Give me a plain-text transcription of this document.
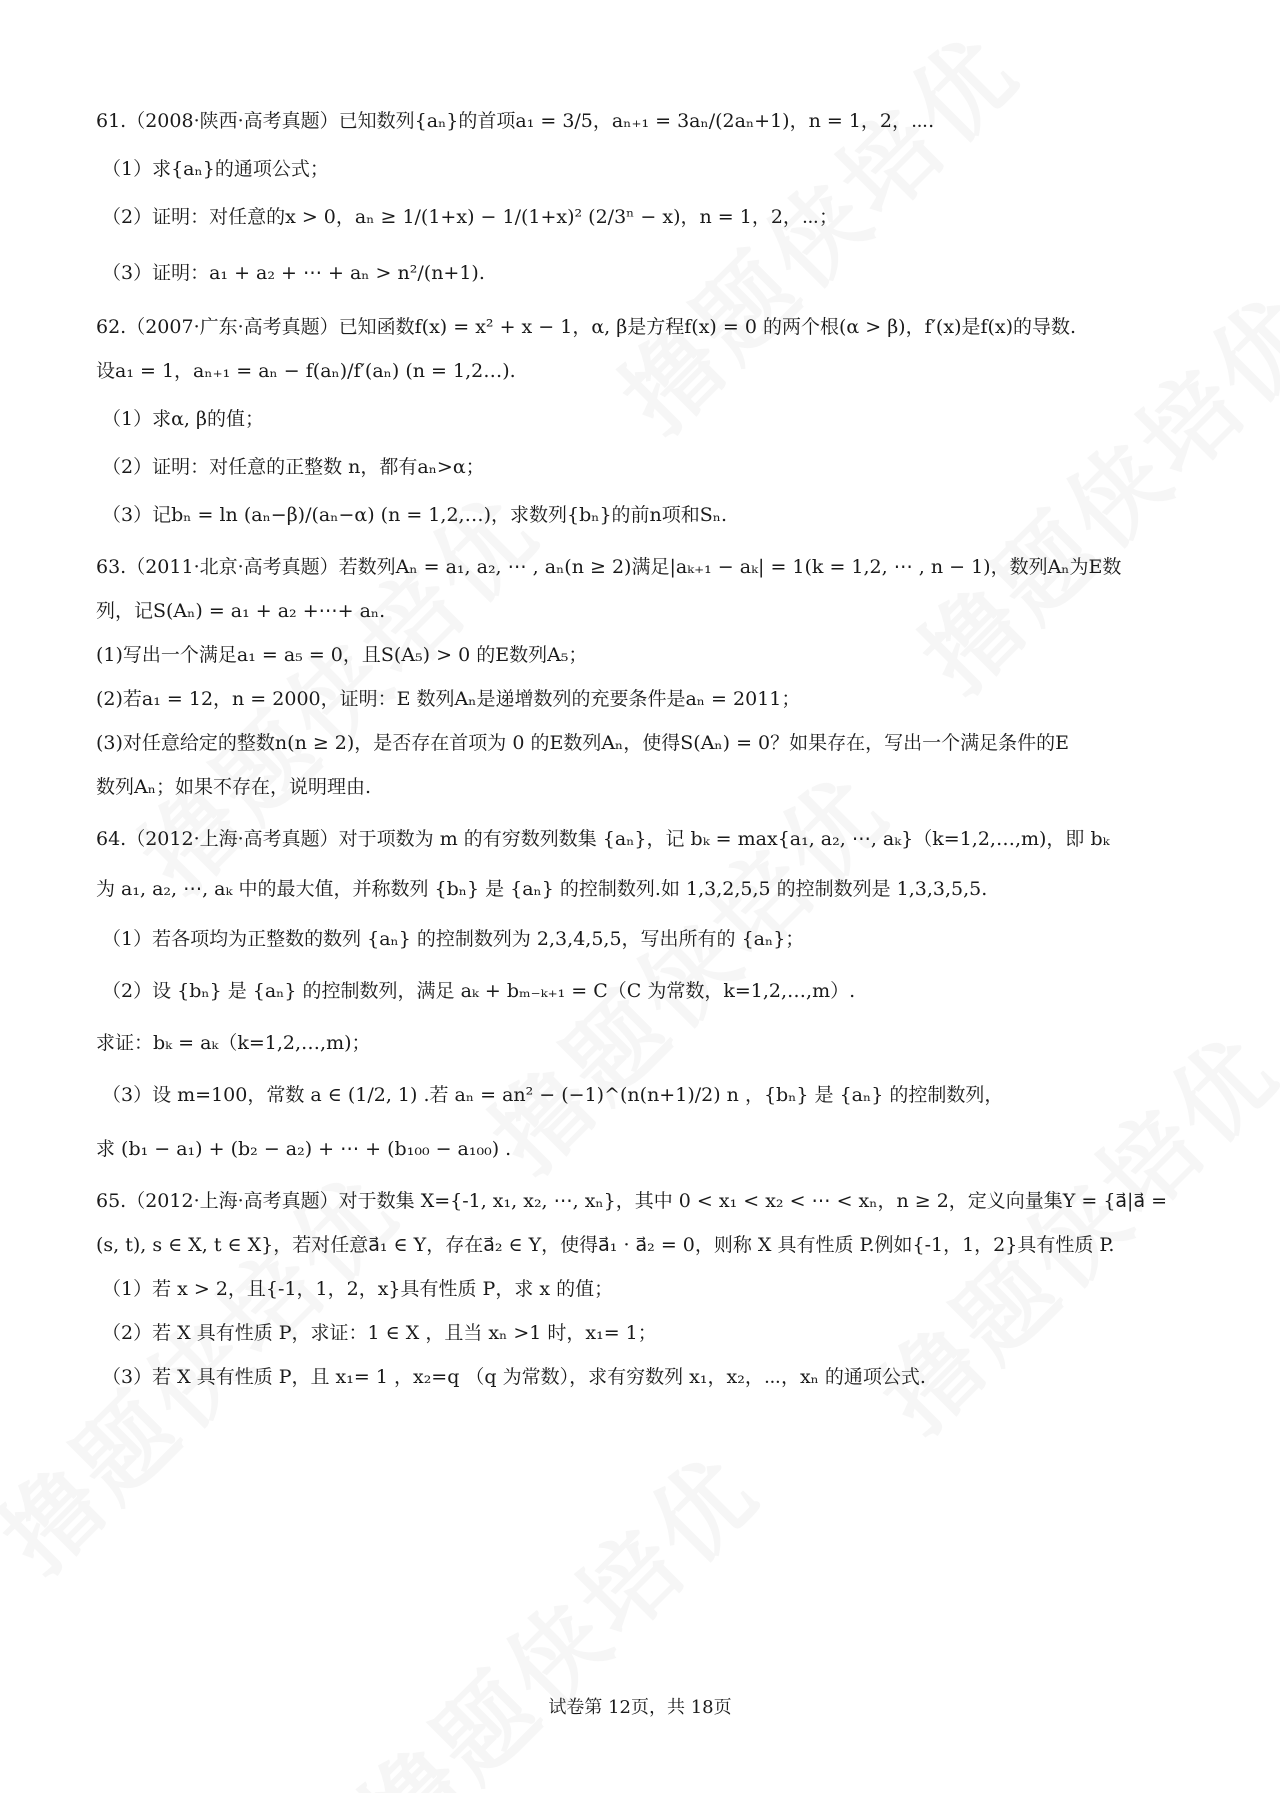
61.（2008·陕西·高考真题）已知数列{aₙ}的首项a₁ = 3/5，aₙ₊₁ = 3aₙ/(2aₙ+1)，n = 1，2，⋯.
（1）求{aₙ}的通项公式；
（2）证明：对任意的x > 0，aₙ ≥ 1/(1+x) − 1/(1+x)² (2/3ⁿ − x)，n = 1，2，⋯；
（3）证明：a₁ + a₂ + ⋯ + aₙ > n²/(n+1).
62.（2007·广东·高考真题）已知函数f(x) = x² + x − 1，α, β是方程f(x) = 0 的两个根(α > β)，f′(x)是f(x)的导数.
设a₁ = 1，aₙ₊₁ = aₙ − f(aₙ)/f′(aₙ) (n = 1,2…).
（1）求α, β的值；
（2）证明：对任意的正整数 n，都有aₙ>α；
（3）记bₙ = ln (aₙ−β)/(aₙ−α) (n = 1,2,…)，求数列{bₙ}的前n项和Sₙ.
63.（2011·北京·高考真题）若数列Aₙ = a₁, a₂, ⋯ , aₙ(n ≥ 2)满足|aₖ₊₁ − aₖ| = 1(k = 1,2, ⋯ , n − 1)，数列Aₙ为E数
列，记S(Aₙ) = a₁ + a₂ +⋯+ aₙ.
(1)写出一个满足a₁ = a₅ = 0，且S(A₅) > 0 的E数列A₅；
(2)若a₁ = 12，n = 2000，证明：E 数列Aₙ是递增数列的充要条件是aₙ = 2011；
(3)对任意给定的整数n(n ≥ 2)，是否存在首项为 0 的E数列Aₙ，使得S(Aₙ) = 0？如果存在，写出一个满足条件的E
数列Aₙ；如果不存在，说明理由.
64.（2012·上海·高考真题）对于项数为 m 的有穷数列数集 {aₙ}，记 bₖ = max{a₁, a₂, ⋯, aₖ}（k=1,2,…,m)，即 bₖ
为 a₁, a₂, ⋯, aₖ 中的最大值，并称数列 {bₙ} 是 {aₙ} 的控制数列.如 1,3,2,5,5 的控制数列是 1,3,3,5,5.
（1）若各项均为正整数的数列 {aₙ} 的控制数列为 2,3,4,5,5，写出所有的 {aₙ}；
（2）设 {bₙ} 是 {aₙ} 的控制数列，满足 aₖ + bₘ₋ₖ₊₁ = C（C 为常数，k=1,2,…,m）.
求证：bₖ = aₖ（k=1,2,…,m)；
（3）设 m=100，常数 a ∈ (1/2, 1) .若 aₙ = an² − (−1)^(n(n+1)/2) n ，{bₙ} 是 {aₙ} 的控制数列，
求 (b₁ − a₁) + (b₂ − a₂) + ⋯ + (b₁₀₀ − a₁₀₀) .
65.（2012·上海·高考真题）对于数集 X={-1, x₁, x₂, ⋯, xₙ}，其中 0 < x₁ < x₂ < ⋯ < xₙ，n ≥ 2，定义向量集Y = {a⃗|a⃗ =
(s, t), s ∈ X, t ∈ X}，若对任意a⃗₁ ∈ Y，存在a⃗₂ ∈ Y，使得a⃗₁ · a⃗₂ = 0，则称 X 具有性质 P.例如{-1，1，2}具有性质 P.
（1）若 x > 2，且{-1，1，2，x}具有性质 P，求 x 的值；
（2）若 X 具有性质 P，求证：1 ∈ X ，且当 xₙ >1 时，x₁= 1；
（3）若 X 具有性质 P，且 x₁= 1 ，x₂=q （q 为常数），求有穷数列 x₁，x₂，⋯，xₙ 的通项公式.
试卷第 12页，共 18页
